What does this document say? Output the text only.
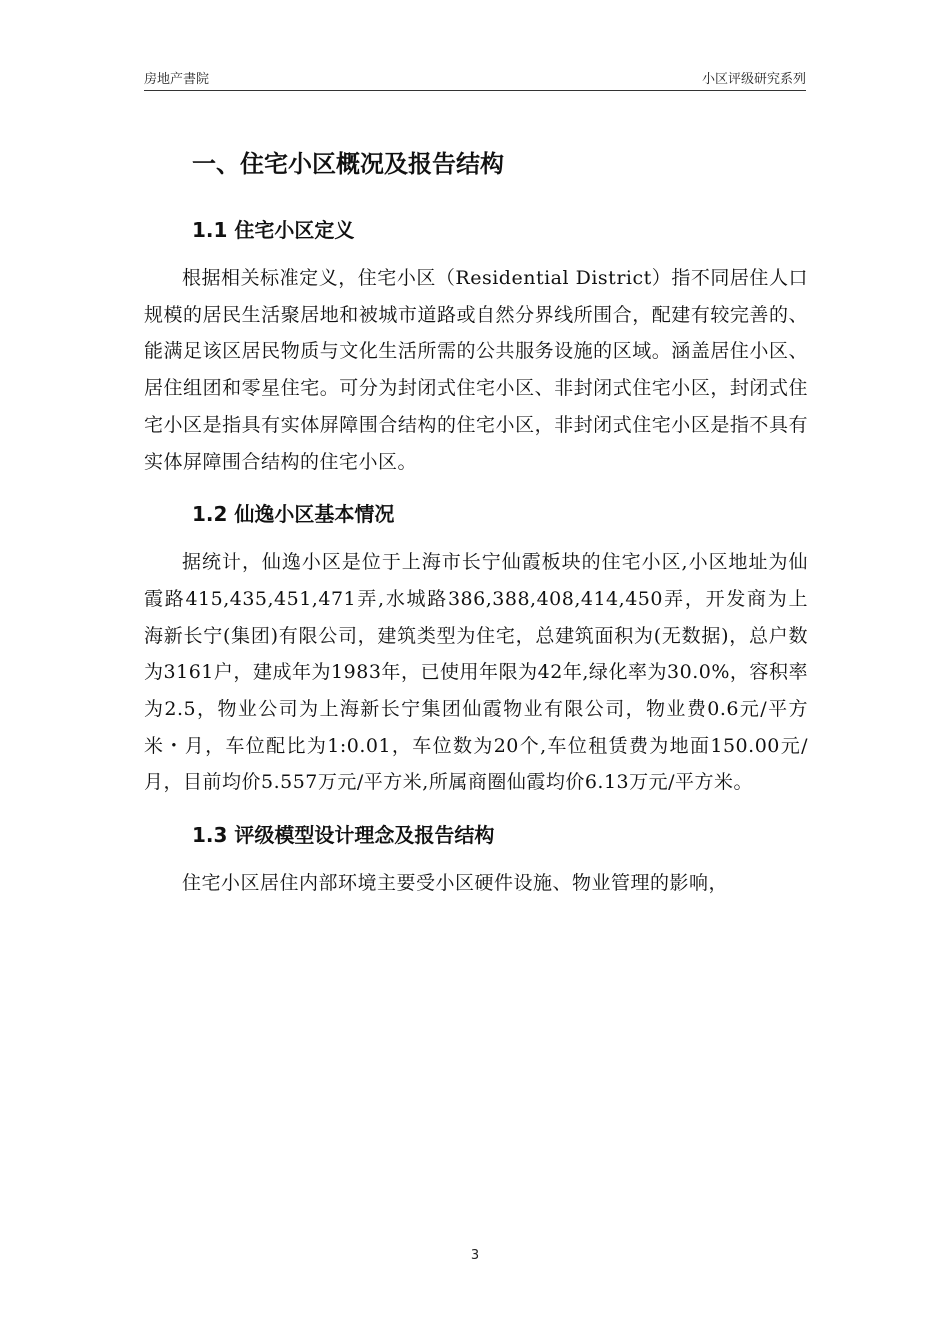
房地产書院	小区评级研究系列
一、住宅小区概况及报告结构
1.1 住宅小区定义

根据相关标准定义，住宅小区（Residential District）指不同居住人口规模的居民生活聚居地和被城市道路或自然分界线所围合，配建有较完善的、能满足该区居民物质与文化生活所需的公共服务设施的区域。涵盖居住小区、居住组团和零星住宅。可分为封闭式住宅小区、非封闭式住宅小区，封闭式住宅小区是指具有实体屏障围合结构的住宅小区，非封闭式住宅小区是指不具有实体屏障围合结构的住宅小区。

1.2 仙逸小区基本情况

据统计，仙逸小区是位于上海市长宁仙霞板块的住宅小区,小区地址为仙霞路415,435,451,471弄,水城路386,388,408,414,450弄，开发商为上海新长宁(集团)有限公司，建筑类型为住宅，总建筑面积为(无数据)，总户数为3161户，建成年为1983年，已使用年限为42年,绿化率为30.0%，容积率为2.5，物业公司为上海新长宁集团仙霞物业有限公司，物业费0.6元/平方米・月，车位配比为1:0.01，车位数为20个,车位租赁费为地面150.00元/月，目前均价5.557万元/平方米,所属商圈仙霞均价6.13万元/平方米。

1.3 评级模型设计理念及报告结构

住宅小区居住内部环境主要受小区硬件设施、物业管理的影响，

3
